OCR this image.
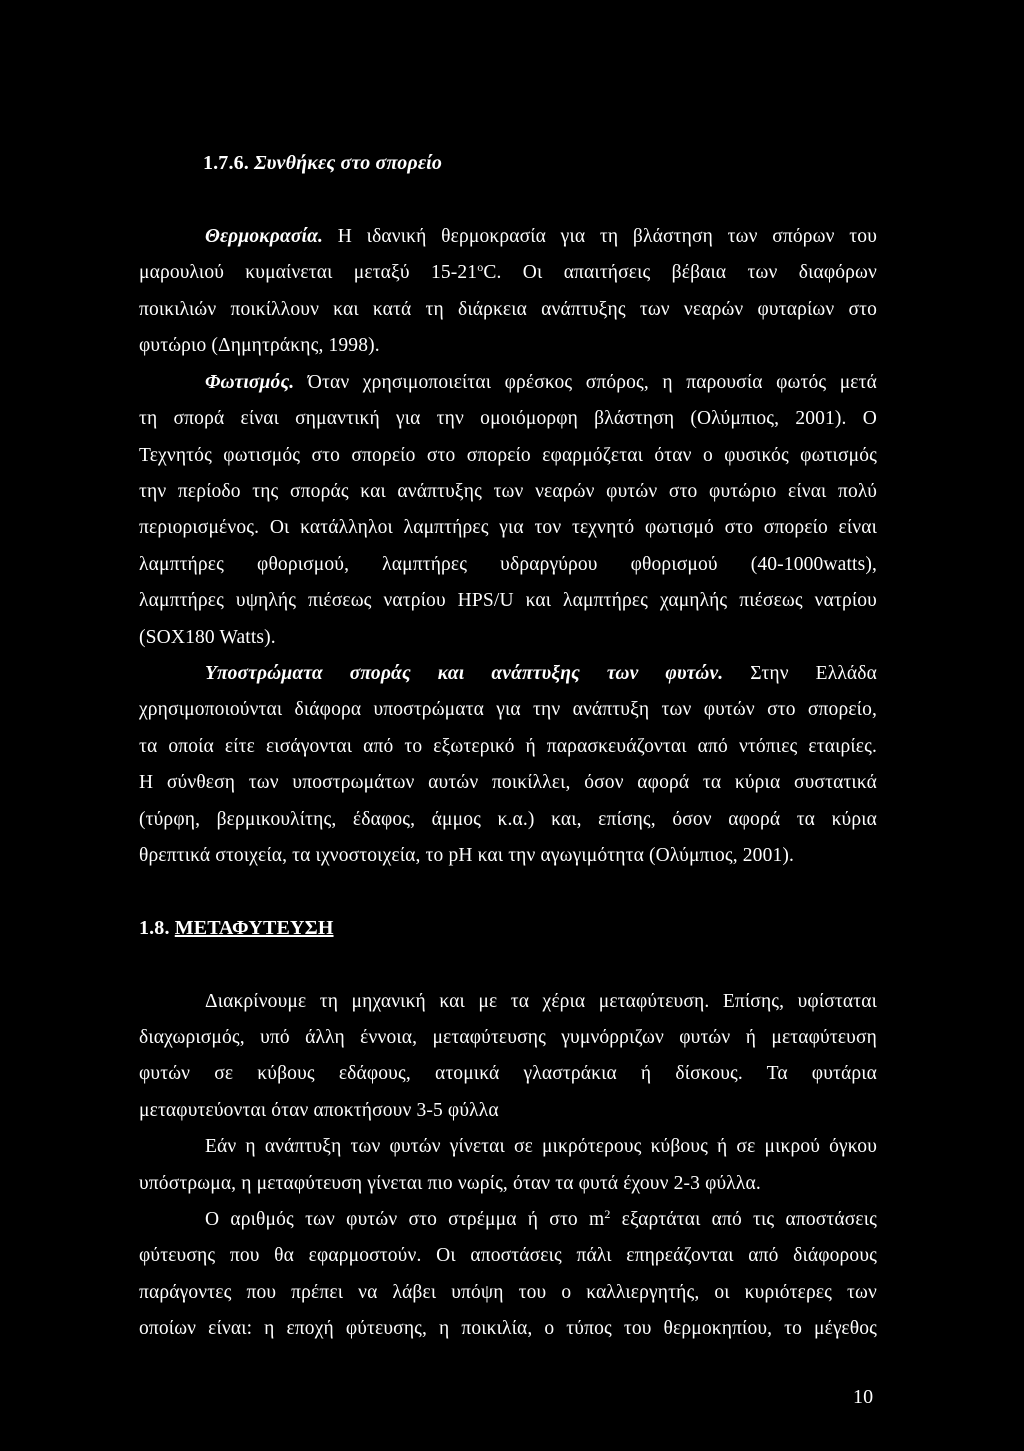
1.7.6. Συνθήκες στο σπορείο
Θερμοκρασία. Η ιδανική θερμοκρασία για τη βλάστηση των σπόρων του
μαρουλιού κυμαίνεται μεταξύ 15-21$^o$C. Οι απαιτήσεις βέβαια των διαφόρων
ποικιλιών ποικίλλουν και κατά τη διάρκεια ανάπτυξης των νεαρών φυταρίων στο
φυτώριο (Δημητράκης, 1998).
Φωτισμός. Όταν χρησιμοποιείται φρέσκος σπόρος, η παρουσία φωτός μετά
τη σπορά είναι σημαντική για την ομοιόμορφη βλάστηση (Ολύμπιος, 2001). Ο
Τεχνητός φωτισμός στο σπορείο στο σπορείο εφαρμόζεται όταν ο φυσικός φωτισμός
την περίοδο της σποράς και ανάπτυξης των νεαρών φυτών στο φυτώριο είναι πολύ
περιορισμένος. Οι κατάλληλοι λαμπτήρες για τον τεχνητό φωτισμό στο σπορείο είναι
λαμπτήρες φθορισμού, λαμπτήρες υδραργύρου φθορισμού (40-1000watts),
λαμπτήρες υψηλής πιέσεως νατρίου HPS/U και λαμπτήρες χαμηλής πιέσεως νατρίου
(SOX180 Watts).
Υποστρώματα σποράς και ανάπτυξης των φυτών. Στην Ελλάδα
χρησιμοποιούνται διάφορα υποστρώματα για την ανάπτυξη των φυτών στο σπορείο,
τα οποία είτε εισάγονται από το εξωτερικό ή παρασκευάζονται από ντόπιες εταιρίες.
Η σύνθεση των υποστρωμάτων αυτών ποικίλλει, όσον αφορά τα κύρια συστατικά
(τύρφη, βερμικουλίτης, έδαφος, άμμος κ.α.) και, επίσης, όσον αφορά τα κύρια
θρεπτικά στοιχεία, τα ιχνοστοιχεία, το pH και την αγωγιμότητα (Ολύμπιος, 2001).
1.8. ΜΕΤΑΦΥΤΕΥΣΗ
Διακρίνουμε τη μηχανική και με τα χέρια μεταφύτευση. Επίσης, υφίσταται
διαχωρισμός, υπό άλλη έννοια, μεταφύτευσης γυμνόρριζων φυτών ή μεταφύτευση
φυτών σε κύβους εδάφους, ατομικά γλαστράκια ή δίσκους. Τα φυτάρια
μεταφυτεύονται όταν αποκτήσουν 3-5 φύλλα
Εάν η ανάπτυξη των φυτών γίνεται σε μικρότερους κύβους ή σε μικρού όγκου
υπόστρωμα, η μεταφύτευση γίνεται πιο νωρίς, όταν τα φυτά έχουν 2-3 φύλλα.
Ο αριθμός των φυτών στο στρέμμα ή στο $m^2$ εξαρτάται από τις αποστάσεις
φύτευσης που θα εφαρμοστούν. Οι αποστάσεις πάλι επηρεάζονται από διάφορους
παράγοντες που πρέπει να λάβει υπόψη του ο καλλιεργητής, οι κυριότερες των
οποίων είναι: η εποχή φύτευσης, η ποικιλία, ο τύπος του θερμοκηπίου, το μέγεθος
10
